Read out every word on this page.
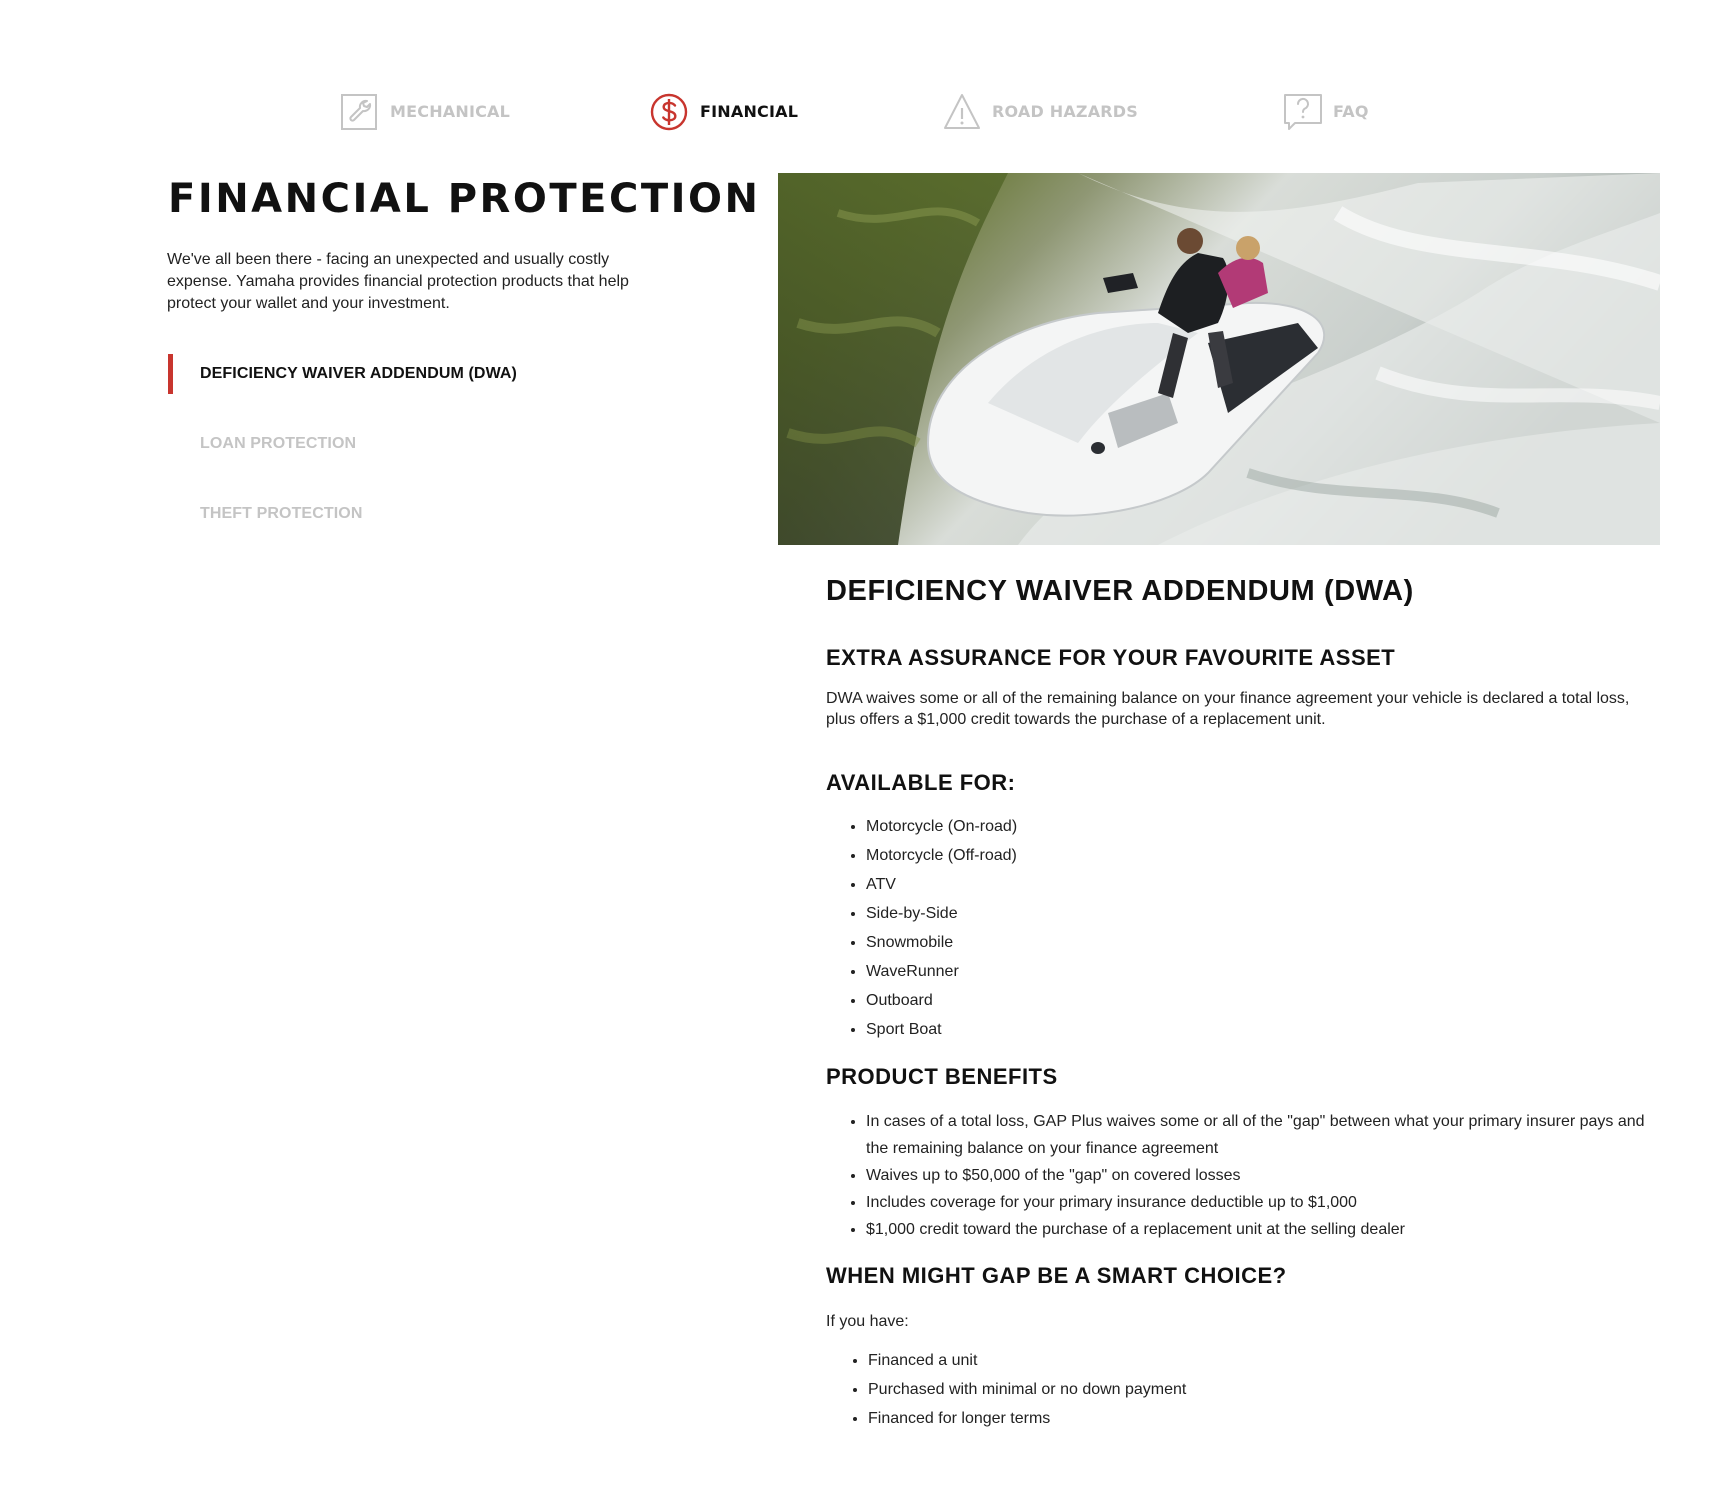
MECHANICAL	FINANCIAL	ROAD HAZARDS	FAQ
FINANCIAL PROTECTION

We've all been there - facing an unexpected and usually costly expense. Yamaha provides financial protection products that help protect your wallet and your investment.

DEFICIENCY WAIVER ADDENDUM (DWA)
LOAN PROTECTION
THEFT PROTECTION
DEFICIENCY WAIVER ADDENDUM (DWA)
EXTRA ASSURANCE FOR YOUR FAVOURITE ASSET

DWA waives some or all of the remaining balance on your finance agreement your vehicle is declared a total loss, plus offers a $1,000 credit towards the purchase of a replacement unit.

AVAILABLE FOR:
• Motorcycle (On-road)
• Motorcycle (Off-road)
• ATV
• Side-by-Side
• Snowmobile
• WaveRunner
• Outboard
• Sport Boat
PRODUCT BENEFITS
• In cases of a total loss, GAP Plus waives some or all of the "gap" between what your primary insurer pays and the remaining balance on your finance agreement
• Waives up to $50,000 of the "gap" on covered losses
• Includes coverage for your primary insurance deductible up to $1,000
• $1,000 credit toward the purchase of a replacement unit at the selling dealer
WHEN MIGHT GAP BE A SMART CHOICE?

If you have:

• Financed a unit
• Purchased with minimal or no down payment
• Financed for longer terms
